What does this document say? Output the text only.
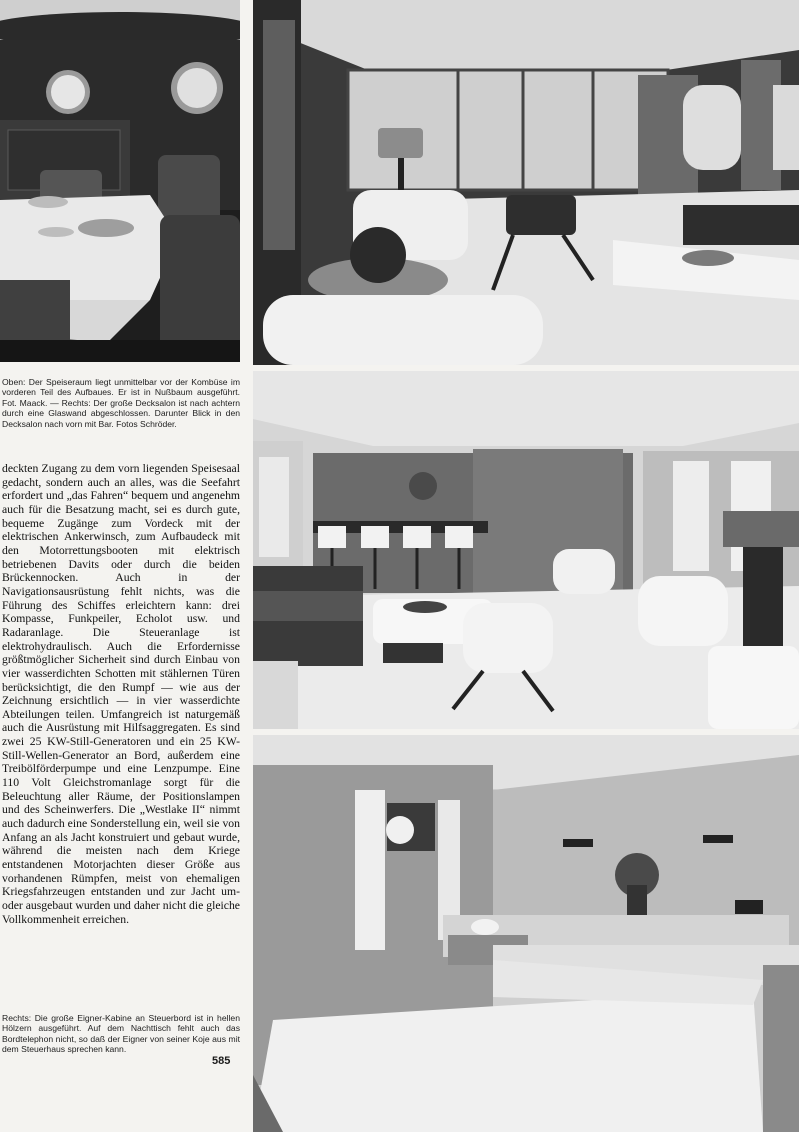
Oben: Der Speiseraum liegt unmittelbar vor der Kombüse im vorderen Teil des Aufbaues. Er ist in Nußbaum ausgeführt. Fot. Maack. — Rechts: Der große Decksalon ist nach achtern durch eine Glaswand abgeschlossen. Darunter Blick in den Decksalon nach vorn mit Bar. Fotos Schröder.

deckten Zugang zu dem vorn liegenden Speisesaal gedacht, sondern auch an alles, was die Seefahrt erfordert und „das Fahren“ bequem und angenehm auch für die Besatzung macht, sei es durch gute, bequeme Zugänge zum Vordeck mit der elektrischen Ankerwinsch, zum Aufbaudeck mit den Motorrettungsbooten mit elektrisch betriebenen Davits oder durch die beiden Brückennocken. Auch in der Navigationsausrüstung fehlt nichts, was die Führung des Schiffes erleichtern kann: drei Kompasse, Funkpeiler, Echolot usw. und Radaranlage. Die Steueranlage ist elektrohydraulisch. Auch die Erfordernisse größtmöglicher Sicherheit sind durch Einbau von vier wasserdichten Schotten mit stählernen Türen berücksichtigt, die den Rumpf — wie aus der Zeichnung ersichtlich — in vier wasserdichte Abteilungen teilen. Umfangreich ist naturgemäß auch die Ausrüstung mit Hilfsaggregaten. Es sind zwei 25 KW-Still-Generatoren und ein 25 KW-Still-Wellen-Generator an Bord, außerdem eine Treibölförderpumpe und eine Lenzpumpe. Eine 110 Volt Gleichstromanlage sorgt für die Beleuchtung aller Räume, der Positionslampen und des Scheinwerfers. Die „Westlake II“ nimmt auch dadurch eine Sonderstellung ein, weil sie von Anfang an als Jacht konstruiert und gebaut wurde, während die meisten nach dem Kriege entstandenen Motorjachten dieser Größe aus vorhandenen Rümpfen, meist von ehemaligen Kriegsfahrzeugen entstanden und zur Jacht um- oder ausgebaut wurden und daher nicht die gleiche Vollkommenheit erreichen.

Rechts: Die große Eigner-Kabine an Steuerbord ist in hellen Hölzern ausgeführt. Auf dem Nachttisch fehlt auch das Bordtelephon nicht, so daß der Eigner von seiner Koje aus mit dem Steuerhaus sprechen kann.

585
